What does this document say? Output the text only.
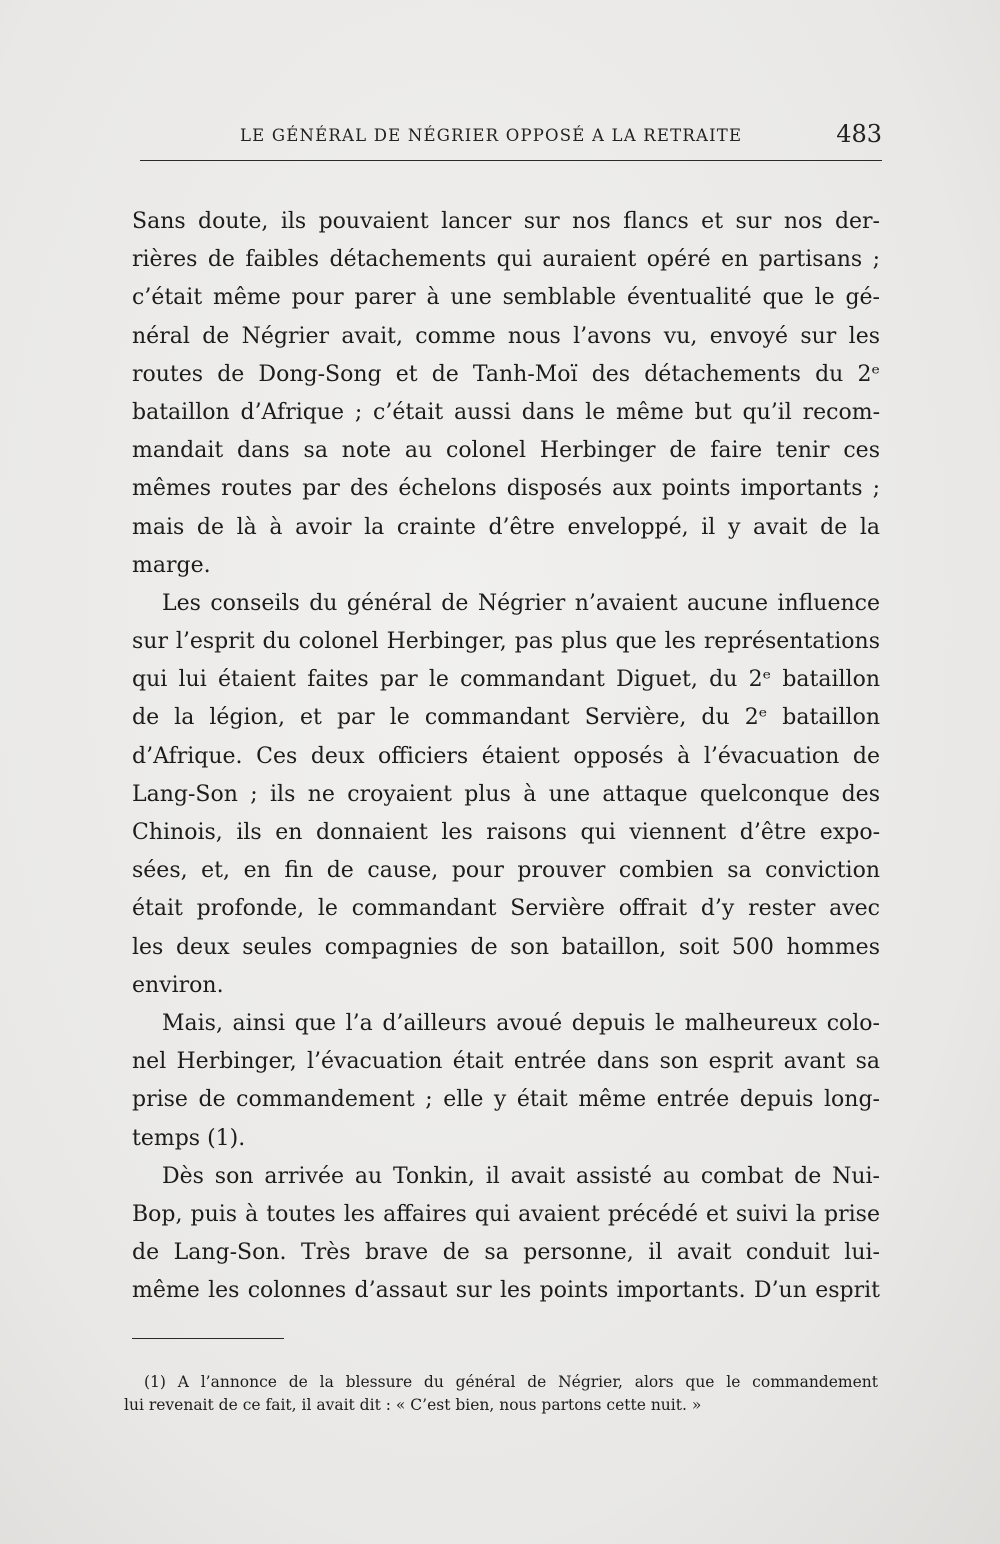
LE GÉNÉRAL DE NÉGRIER OPPOSÉ A LA RETRAITE	483
Sans doute, ils pouvaient lancer sur nos flancs et sur nos der-
rières de faibles détachements qui auraient opéré en partisans ;
c’était même pour parer à une semblable éventualité que le gé-
néral de Négrier avait, comme nous l’avons vu, envoyé sur les
routes de Dong-Song et de Tanh-Moï des détachements du 2ᵉ
bataillon d’Afrique ; c’était aussi dans le même but qu’il recom-
mandait dans sa note au colonel Herbinger de faire tenir ces
mêmes routes par des échelons disposés aux points importants ;
mais de là à avoir la crainte d’être enveloppé, il y avait de la
marge.
Les conseils du général de Négrier n’avaient aucune influence
sur l’esprit du colonel Herbinger, pas plus que les représentations
qui lui étaient faites par le commandant Diguet, du 2ᵉ bataillon
de la légion, et par le commandant Servière, du 2ᵉ bataillon
d’Afrique. Ces deux officiers étaient opposés à l’évacuation de
Lang-Son ; ils ne croyaient plus à une attaque quelconque des
Chinois, ils en donnaient les raisons qui viennent d’être expo-
sées, et, en fin de cause, pour prouver combien sa conviction
était profonde, le commandant Servière offrait d’y rester avec
les deux seules compagnies de son bataillon, soit 500 hommes
environ.
Mais, ainsi que l’a d’ailleurs avoué depuis le malheureux colo-
nel Herbinger, l’évacuation était entrée dans son esprit avant sa
prise de commandement ; elle y était même entrée depuis long-
temps (1).
Dès son arrivée au Tonkin, il avait assisté au combat de Nui-
Bop, puis à toutes les affaires qui avaient précédé et suivi la prise
de Lang-Son. Très brave de sa personne, il avait conduit lui-
même les colonnes d’assaut sur les points importants. D’un esprit
(1) A l’annonce de la blessure du général de Négrier, alors que le commandement
lui revenait de ce fait, il avait dit : « C’est bien, nous partons cette nuit. »
